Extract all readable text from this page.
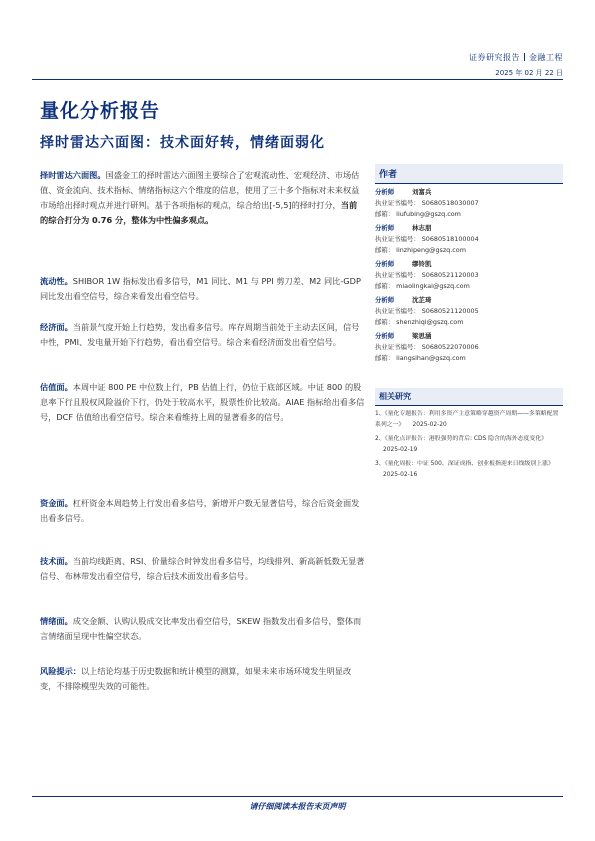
证券研究报告 金融工程
2025 年 02 月 22 日
量化分析报告
择时雷达六面图：技术面好转，情绪面弱化
择时雷达六面图。国盛金工的择时雷达六面图主要综合了宏观流动性、宏观经济、市场估值、资金流向、技术指标、情绪指标这六个维度的信息，使用了三十多个指标对未来权益市场给出择时观点并进行研判。基于各项指标的观点，综合给出[-5,5]的择时打分，当前的综合打分为 0.76 分，整体为中性偏多观点。
流动性。SHIBOR 1W 指标发出看多信号，M1 同比、M1 与 PPI 剪刀差、M2 同比-GDP 同比发出看空信号，综合来看发出看空信号。
经济面。当前景气度开始上行趋势，发出看多信号。库存周期当前处于主动去区间，信号中性，PMI、发电量开始下行趋势，看出看空信号。综合来看经济面发出看空信号。
估值面。本周中证 800 PE 中位数上行，PB 估值上行，仍位于底部区域。中证 800 的股息率下行且股权风险溢价下行，仍处于较高水平，股票性价比较高。AIAE 指标给出看多信号，DCF 估值给出看空信号。综合来看维持上周的显著看多的信号。
资金面。杠杆资金本周趋势上行发出看多信号，新增开户数无显著信号，综合后资金面发出看多信号。
技术面。当前均线距离、RSI、价量综合时钟发出看多信号，均线排列、新高新低数无显著信号、布林带发出看空信号，综合后技术面发出看多信号。
情绪面。成交金额、认购认股成交比率发出看空信号，SKEW 指数发出看多信号，整体而言情绪面呈现中性偏空状态。
风险提示：以上结论均基于历史数据和统计模型的测算，如果未来市场环境发生明显改变，不排除模型失效的可能性。
作者
分析师	刘富兵
执业证书编号： S0680518030007
邮箱： liufubing@gszq.com
分析师	林志朋
执业证书编号： S0680518100004
邮箱： linzhipeng@gszq.com
分析师	缪铃凯
执业证书编号： S0680521120003
邮箱： miaolingkai@gszq.com
分析师	沈芷琦
执业证书编号： S0680521120005
邮箱： shenzhiqi@gszq.com
分析师	梁思涵
执业证书编号： S0680522070006
邮箱： liangsihan@gszq.com
相关研究
1、《量化专题报告：利用多资产主意策略穿越资产周期——多策略配置系列之一》 2025-02-20
2、《量化点评报告：港股强势的背后: CDS 隐含的海外态度变化》2025-02-19
3、《量化周报：中证 500、深证成指、创业板指迎来日线级别上涨》2025-02-16
请仔细阅读本报告末页声明
